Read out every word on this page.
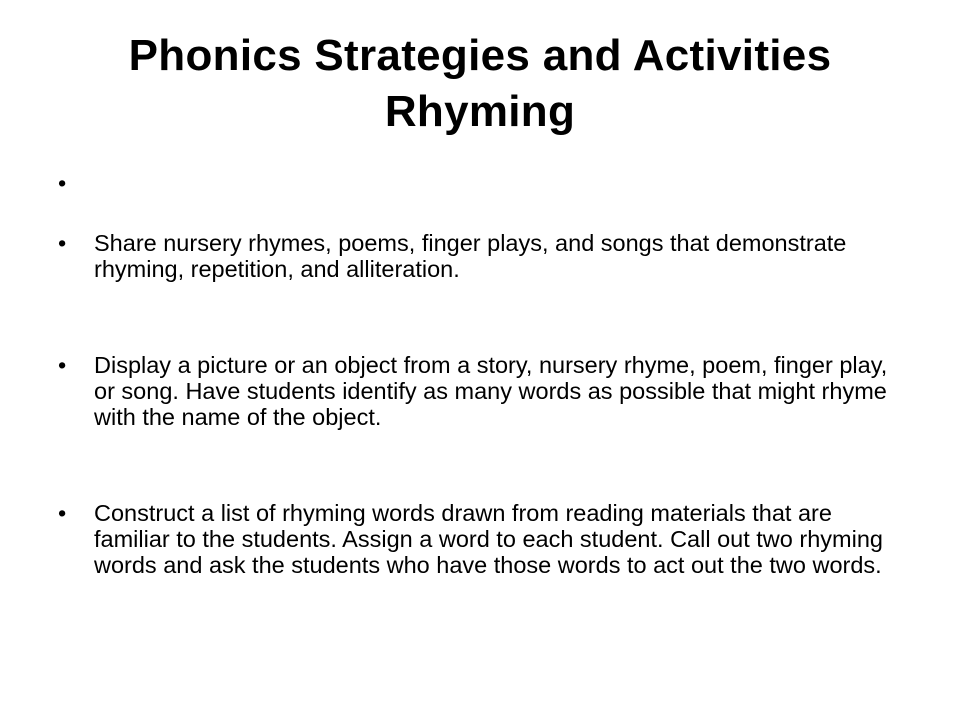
Phonics Strategies and Activities
Rhyming
•
• Share nursery rhymes, poems, finger plays, and songs that demonstrate rhyming, repetition, and alliteration.
• Display a picture or an object from a story, nursery rhyme, poem, finger play, or song. Have students identify as many words as possible that might rhyme with the name of the object.
• Construct a list of rhyming words drawn from reading materials that are familiar to the students. Assign a word to each student. Call out two rhyming words and ask the students who have those words to act out the two words.
